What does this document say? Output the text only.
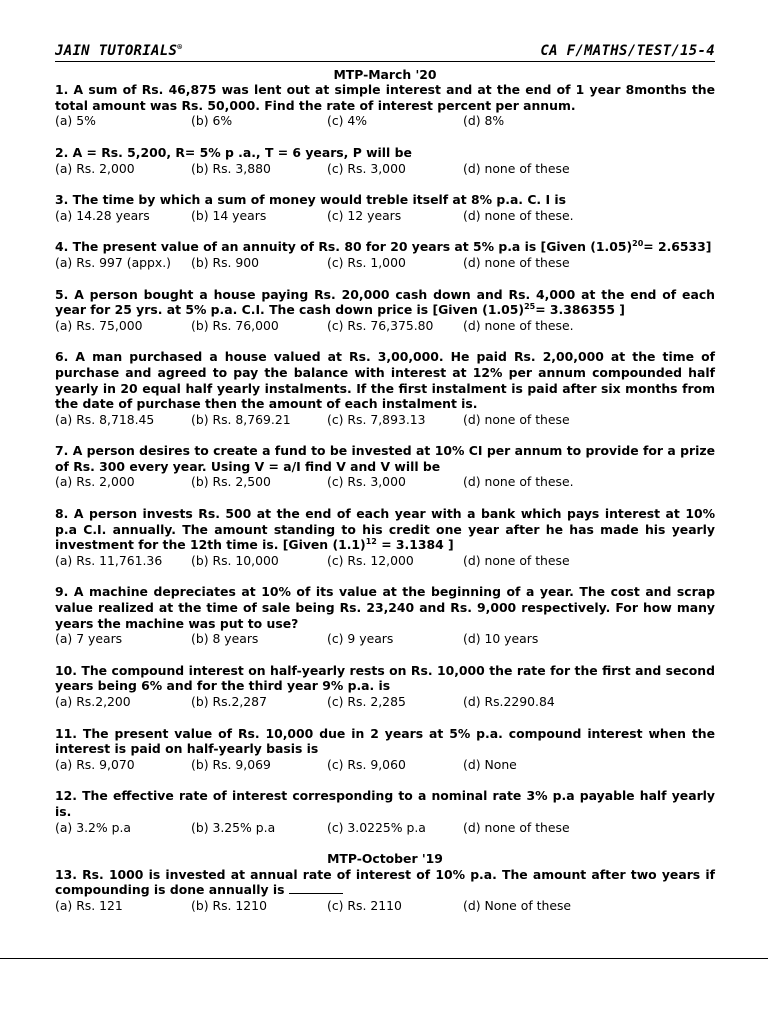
JAIN TUTORIALS®	CA F/MATHS/TEST/15-4
MTP-March '20
1. A sum of Rs. 46,875 was lent out at simple interest and at the end of 1 year 8months the total amount was Rs. 50,000. Find the rate of interest percent per annum.
(a) 5%	(b) 6%	(c) 4%	(d) 8%
2. A = Rs. 5,200, R= 5% p .a., T = 6 years, P will be
(a) Rs. 2,000	(b) Rs. 3,880	(c) Rs. 3,000	(d) none of these
3. The time by which a sum of money would treble itself at 8% p.a. C. I is
(a) 14.28 years	(b) 14 years	(c) 12 years	(d) none of these.
4. The present value of an annuity of Rs. 80 for 20 years at 5% p.a is [Given $(1.05)^{20}= 2.6533$]
(a) Rs. 997 (appx.)	(b) Rs. 900	(c) Rs. 1,000	(d) none of these
5. A person bought a house paying Rs. 20,000 cash down and Rs. 4,000 at the end of each year for 25 yrs. at 5% p.a. C.I. The cash down price is [Given $(1.05)^{25}= 3.386355$ ]
(a) Rs. 75,000	(b) Rs. 76,000	(c) Rs. 76,375.80	(d) none of these.
6. A man purchased a house valued at Rs. 3,00,000. He paid Rs. 2,00,000 at the time of purchase and agreed to pay the balance with interest at 12% per annum compounded half yearly in 20 equal half yearly instalments. If the first instalment is paid after six months from the date of purchase then the amount of each instalment is.
(a) Rs. 8,718.45	(b) Rs. 8,769.21	(c) Rs. 7,893.13	(d) none of these
7. A person desires to create a fund to be invested at 10% CI per annum to provide for a prize of Rs. 300 every year. Using V = a/I find V and V will be
(a) Rs. 2,000	(b) Rs. 2,500	(c) Rs. 3,000	(d) none of these.
8. A person invests Rs. 500 at the end of each year with a bank which pays interest at 10% p.a C.I. annually. The amount standing to his credit one year after he has made his yearly investment for the 12th time is. [Given $(1.1)^{12} = 3.1384$ ]
(a) Rs. 11,761.36	(b) Rs. 10,000	(c) Rs. 12,000	(d) none of these
9. A machine depreciates at 10% of its value at the beginning of a year. The cost and scrap value realized at the time of sale being Rs. 23,240 and Rs. 9,000 respectively. For how many years the machine was put to use?
(a) 7 years	(b) 8 years	(c) 9 years	(d) 10 years
10. The compound interest on half-yearly rests on Rs. 10,000 the rate for the first and second years being 6% and for the third year 9% p.a. is
(a) Rs.2,200	(b) Rs.2,287	(c) Rs. 2,285	(d) Rs.2290.84
11. The present value of Rs. 10,000 due in 2 years at 5% p.a. compound interest when the interest is paid on half-yearly basis is
(a) Rs. 9,070	(b) Rs. 9,069	(c) Rs. 9,060	(d) None
12. The effective rate of interest corresponding to a nominal rate 3% p.a payable half yearly is.
(a) 3.2% p.a	(b) 3.25% p.a	(c) 3.0225% p.a	(d) none of these
MTP-October '19
13. Rs. 1000 is invested at annual rate of interest of 10% p.a. The amount after two years if compounding is done annually is
(a) Rs. 121	(b) Rs. 1210	(c) Rs. 2110	(d) None of these
